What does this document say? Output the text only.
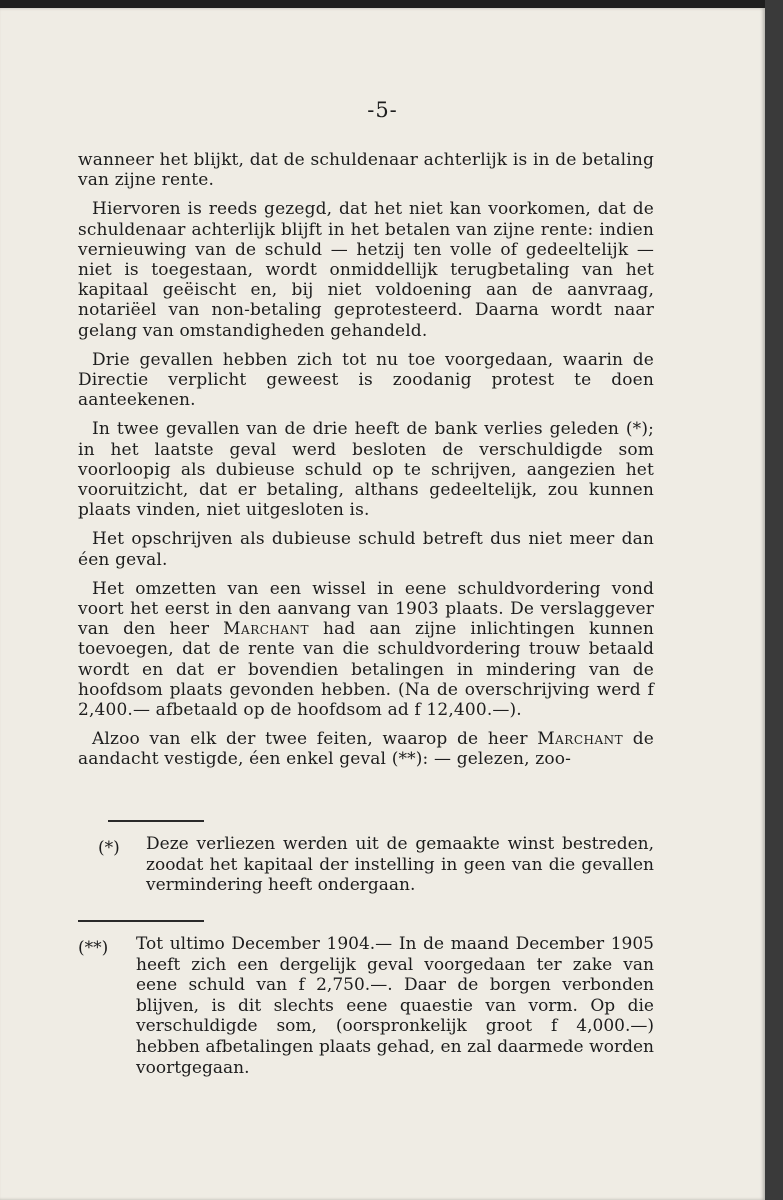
-5-

wanneer het blijkt, dat de schuldenaar achterlijk is in de betaling van zijne rente.

Hiervoren is reeds gezegd, dat het niet kan voorkomen, dat de schuldenaar achterlijk blijft in het betalen van zijne rente: indien vernieuwing van de schuld — hetzij ten volle of gedeeltelijk — niet is toegestaan, wordt onmiddellijk terugbetaling van het kapitaal geëischt en, bij niet voldoening aan de aanvraag, notariëel van non-betaling geprotesteerd. Daarna wordt naar gelang van omstandigheden gehandeld.

Drie gevallen hebben zich tot nu toe voorgedaan, waarin de Directie verplicht geweest is zoodanig protest te doen aanteekenen.

In twee gevallen van de drie heeft de bank verlies geleden (*); in het laatste geval werd besloten de verschuldigde som voorloopig als dubieuse schuld op te schrijven, aangezien het vooruitzicht, dat er betaling, althans gedeeltelijk, zou kunnen plaats vinden, niet uitgesloten is.

Het opschrijven als dubieuse schuld betreft dus niet meer dan éen geval.

Het omzetten van een wissel in eene schuldvordering vond voort het eerst in den aanvang van 1903 plaats. De verslaggever van den heer Marchant had aan zijne inlichtingen kunnen toevoegen, dat de rente van die schuldvordering trouw betaald wordt en dat er bovendien betalingen in mindering van de hoofdsom plaats gevonden hebben. (Na de overschrijving werd f 2,400.— afbetaald op de hoofdsom ad f 12,400.—).

Alzoo van elk der twee feiten, waarop de heer Marchant de aandacht vestigde, éen enkel geval (**): — gelezen, zoo-

(*) Deze verliezen werden uit de gemaakte winst bestreden, zoodat het kapitaal der instelling in geen van die gevallen vermindering heeft ondergaan.
(**) Tot ultimo December 1904.— In de maand December 1905 heeft zich een dergelijk geval voorgedaan ter zake van eene schuld van f 2,750.—. Daar de borgen verbonden blijven, is dit slechts eene quaestie van vorm. Op die verschuldigde som, (oorspronkelijk groot f 4,000.—) hebben afbetalingen plaats gehad, en zal daarmede worden voortgegaan.
